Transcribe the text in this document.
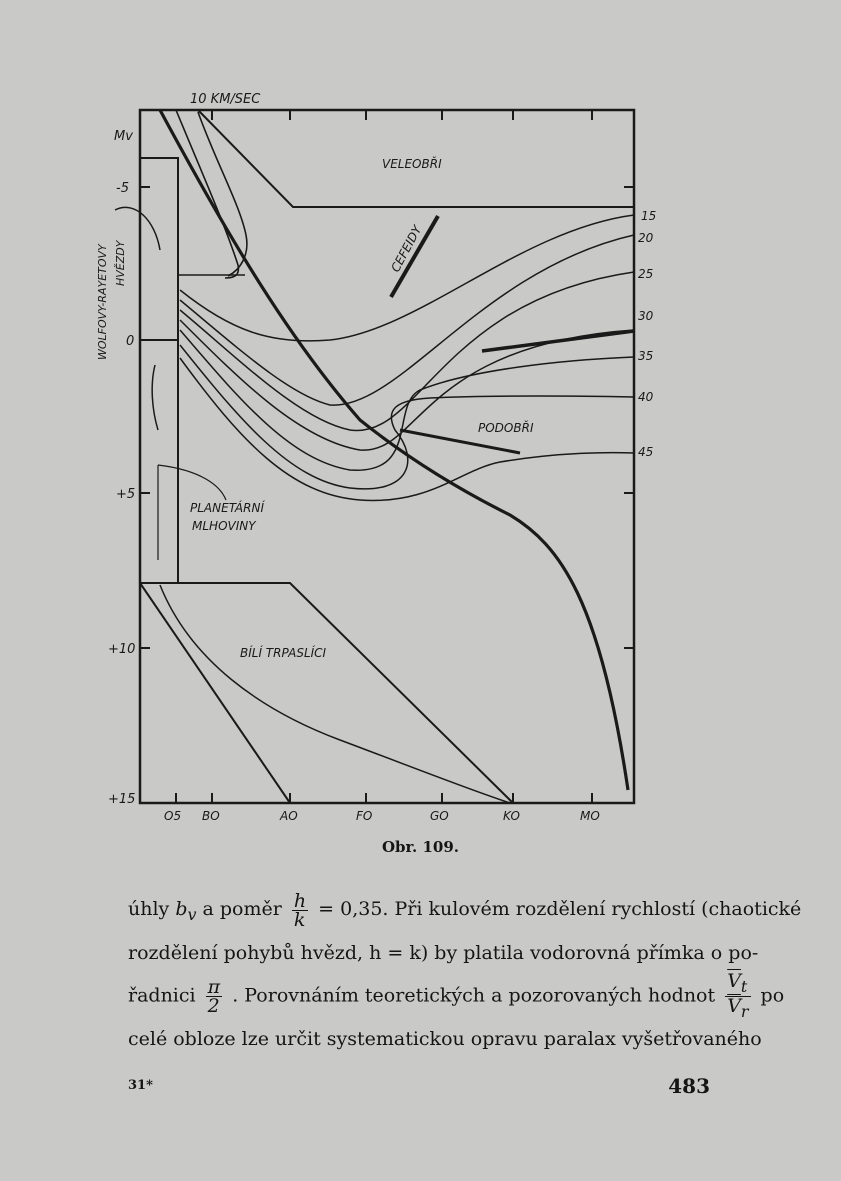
10 KM/SEC
Mv
-5
0
+5
+10
+15
O5 BO	AO	FO	GO	KO	MO
15
20
25
30
35
40
45
VELEOBŘI
CEFEIDY
PODOBŘI
PLANETÁRNÍ
MLHOVINY
BÍLÍ TRPASLÍCI
WOLFOVY-RAYETOVY HVĚZDY
Obr. 109.
úhly $b_v$ a poměr $\frac{h}{k} = 0,35$. Při kulovém rozdělení rychlostí (chaotické
rozdělení pohybů hvězd, h = k) by platila vodorovná přímka o po-
řadnici $\frac{\pi}{2}$ . Porovnáním teoretických a pozorovaných hodnot $\frac{\overline{V}_t}{\overline{V}_r}$ po
celé obloze lze určit systematickou opravu paralax vyšetřovaného
31*	483
